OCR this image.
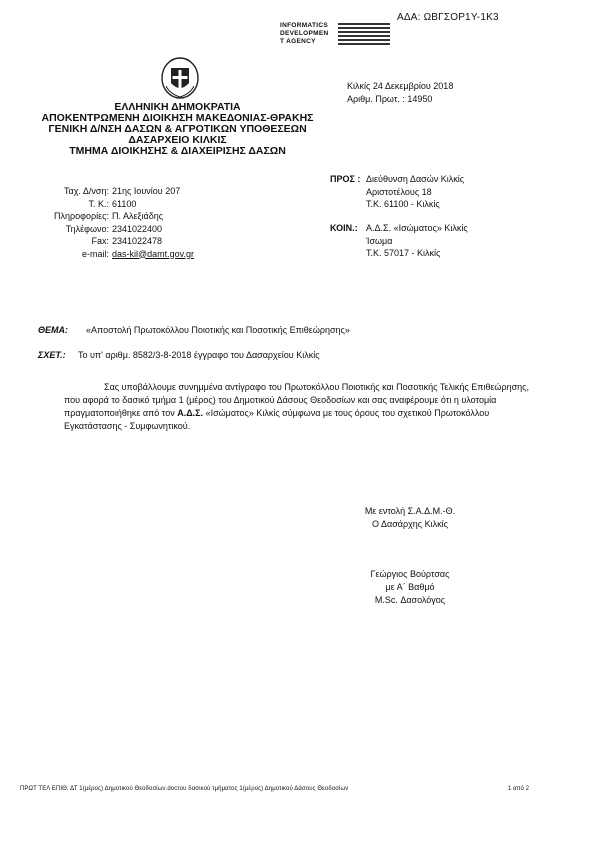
ΑΔΑ: ΩΒΓΣΟΡ1Υ-1Κ3
INFORMATICS
DEVELOPMEN
T AGENCY
ΕΛΛΗΝΙΚΗ ΔΗΜΟΚΡΑΤΙΑ
ΑΠΟΚΕΝΤΡΩΜΕΝΗ ΔΙΟΙΚΗΣΗ ΜΑΚΕΔΟΝΙΑΣ-ΘΡΑΚΗΣ
ΓΕΝΙΚΗ Δ/ΝΣΗ ΔΑΣΩΝ & ΑΓΡΟΤΙΚΩΝ ΥΠΟΘΕΣΕΩΝ
ΔΑΣΑΡΧΕΙΟ ΚΙΛΚΙΣ
ΤΜΗΜΑ ΔΙΟΙΚΗΣΗΣ & ΔΙΑΧΕΙΡΙΣΗΣ ΔΑΣΩΝ
Κιλκίς 24 Δεκεμβρίου 2018
Αριθμ. Πρωτ. : 14950
Ταχ. Δ/νση: 21ης Ιουνίου 207
Τ. Κ.: 61100
Πληροφορίες: Π. Αλεξιάδης
Τηλέφωνο: 2341022400
Fax: 2341022478
e-mail: das-kil@damt.gov.gr
ΠΡΟΣ : Διεύθυνση Δασών Κιλκίς
Αριστοτέλους 18
Τ.Κ. 61100 - Κιλκίς
ΚΟΙΝ.: Α.Δ.Σ. «Ισώματος» Κιλκίς
Ίσωμα
Τ.Κ. 57017 - Κιλκίς
ΘΕΜΑ: «Αποστολή Πρωτοκόλλου Ποιοτικής και Ποσοτικής Επιθεώρησης»
ΣΧΕΤ.: Το υπ' αριθμ. 8582/3-8-2018 έγγραφο του Δασαρχείου Κιλκίς

Σας υποβάλλουμε συνημμένα αντίγραφο του Πρωτοκόλλου Ποιοτικής και Ποσοτικής Τελικής Επιθεώρησης, που αφορά το δασικό τμήμα 1 (μέρος) του Δημοτικού Δάσους Θεοδοσίων και σας αναφέρουμε ότι η υλοτομία πραγματοποιήθηκε από τον Α.Δ.Σ. «Ισώματος» Κιλκίς σύμφωνα με τους όρους του σχετικού Πρωτοκόλλου Εγκατάστασης - Συμφωνητικού.

Με εντολή Σ.Α.Δ.Μ.-Θ.
Ο Δασάρχης Κιλκίς
Γεώργιος Βούρτσας
με Α΄ Βαθμό
M.Sc. Δασολόγος
ΠΡΩΤ ΤΕΛ ΕΠΙΘ. ΔΤ 1(μέρος) Δημοτικού Θεοδοσίων.docτου δασικού τμήματος 1(μέρος) Δημοτικού Δάσους Θεοδοσίων	1 από 2
